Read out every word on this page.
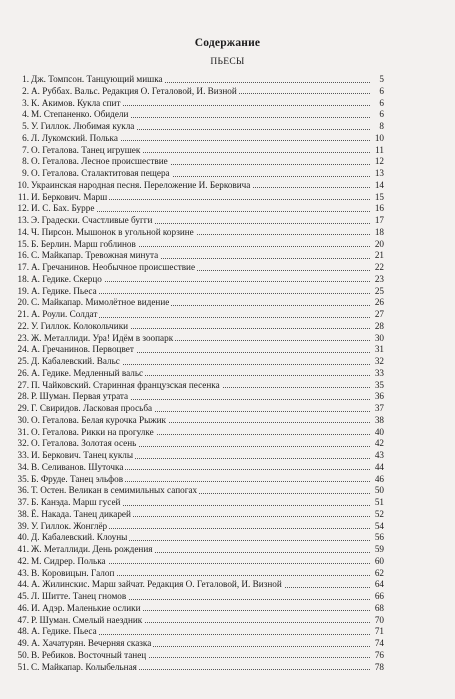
Содержание
ПЬЕСЫ
1. Дж. Томпсон. Танцующий мишка	5
2. А. Руббах. Вальс. Редакция О. Геталовой, И. Визной	6
3. К. Акимов. Кукла спит	6
4. М. Степаненко. Обидели	6
5. У. Гиллок. Любимая кукла	8
6. Л. Лукомский. Полька	10
7. О. Геталова. Танец игрушек	11
8. О. Геталова. Лесное происшествие	12
9. О. Геталова. Сталактитовая пещера	13
10. Украинская народная песня. Переложение И. Берковича	14
11. И. Беркович. Марш	15
12. И. С. Бах. Бурре	16
13. Э. Градески. Счастливые бугги	17
14. Ч. Пирсон. Мышонок в угольной корзине	18
15. Б. Берлин. Марш гоблинов	20
16. С. Майкапар. Тревожная минута	21
17. А. Гречанинов. Необычное происшествие	22
18. А. Гедике. Скерцо	23
19. А. Гедике. Пьеса	25
20. С. Майкапар. Мимолётное видение	26
21. А. Роули. Солдат	27
22. У. Гиллок. Колокольчики	28
23. Ж. Металлиди. Ура! Идём в зоопарк	30
24. А. Гречанинов. Первоцвет	31
25. Д. Кабалевский. Вальс	32
26. А. Гедике. Медленный вальс	33
27. П. Чайковский. Старинная французская песенка	35
28. Р. Шуман. Первая утрата	36
29. Г. Свиридов. Ласковая просьба	37
30. О. Геталова. Белая курочка Рыжик	38
31. О. Геталова. Рикки на прогулке	40
32. О. Геталова. Золотая осень	42
33. И. Беркович. Танец куклы	43
34. В. Селиванов. Шуточка	44
35. Б. Фруде. Танец эльфов	46
36. Т. Остен. Великан в семимильных сапогах	50
37. Б. Канэда. Марш гусей	51
38. Ё. Накада. Танец дикарей	52
39. У. Гиллок. Жонглёр	54
40. Д. Кабалевский. Клоуны	56
41. Ж. Металлиди. День рождения	59
42. М. Сидрер. Полька	60
43. В. Коровицын. Галоп	62
44. А. Жилинскис. Марш зайчат. Редакция О. Геталовой, И. Визной	64
45. Л. Шитте. Танец гномов	66
46. И. Адэр. Маленькие ослики	68
47. Р. Шуман. Смелый наездник	70
48. А. Гедике. Пьеса	71
49. А. Хачатурян. Вечерняя сказка	74
50. В. Ребиков. Восточный танец	76
51. С. Майкапар. Колыбельная	78
